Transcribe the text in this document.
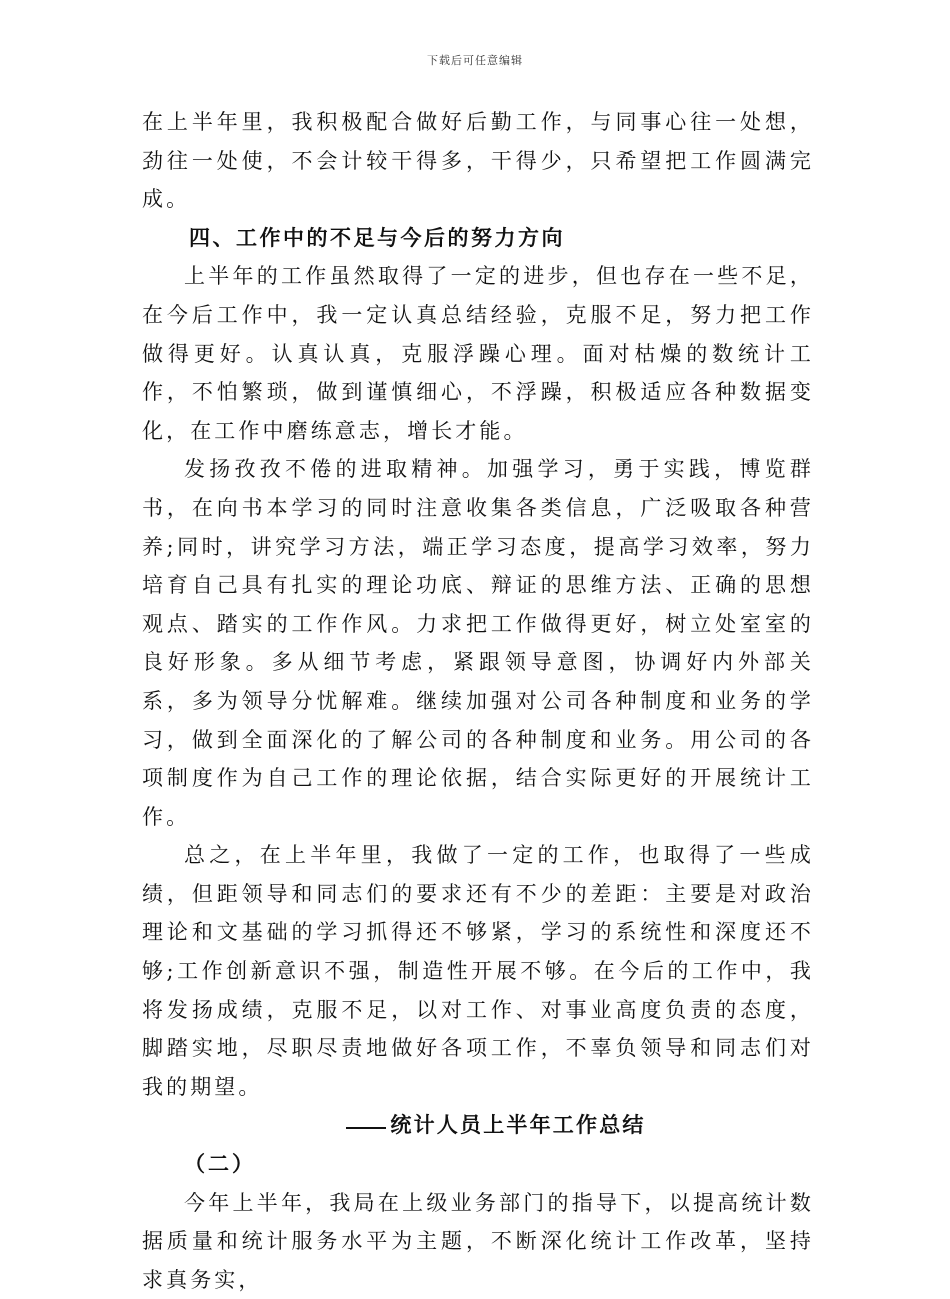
下载后可任意编辑

在上半年里，我积极配合做好后勤工作，与同事心往一处想，劲往一处使，不会计较干得多，干得少，只希望把工作圆满完成。

四、工作中的不足与今后的努力方向

上半年的工作虽然取得了一定的进步，但也存在一些不足，在今后工作中，我一定认真总结经验，克服不足，努力把工作做得更好。认真认真，克服浮躁心理。面对枯燥的数统计工作，不怕繁琐，做到谨慎细心，不浮躁，积极适应各种数据变化，在工作中磨练意志，增长才能。

发扬孜孜不倦的进取精神。加强学习，勇于实践，博览群书，在向书本学习的同时注意收集各类信息，广泛吸取各种营养;同时，讲究学习方法，端正学习态度，提高学习效率，努力培育自己具有扎实的理论功底、辩证的思维方法、正确的思想观点、踏实的工作作风。力求把工作做得更好，树立处室室的良好形象。多从细节考虑，紧跟领导意图，协调好内外部关系，多为领导分忧解难。继续加强对公司各种制度和业务的学习，做到全面深化的了解公司的各种制度和业务。用公司的各项制度作为自己工作的理论依据，结合实际更好的开展统计工作。

总之，在上半年里，我做了一定的工作，也取得了一些成绩，但距领导和同志们的要求还有不少的差距：主要是对政治理论和文基础的学习抓得还不够紧，学习的系统性和深度还不够;工作创新意识不强，制造性开展不够。在今后的工作中，我将发扬成绩，克服不足，以对工作、对事业高度负责的态度，脚踏实地，尽职尽责地做好各项工作，不辜负领导和同志们对我的期望。

统计人员上半年工作总结

（二）

今年上半年，我局在上级业务部门的指导下，以提高统计数据质量和统计服务水平为主题，不断深化统计工作改革，坚持求真务实，
